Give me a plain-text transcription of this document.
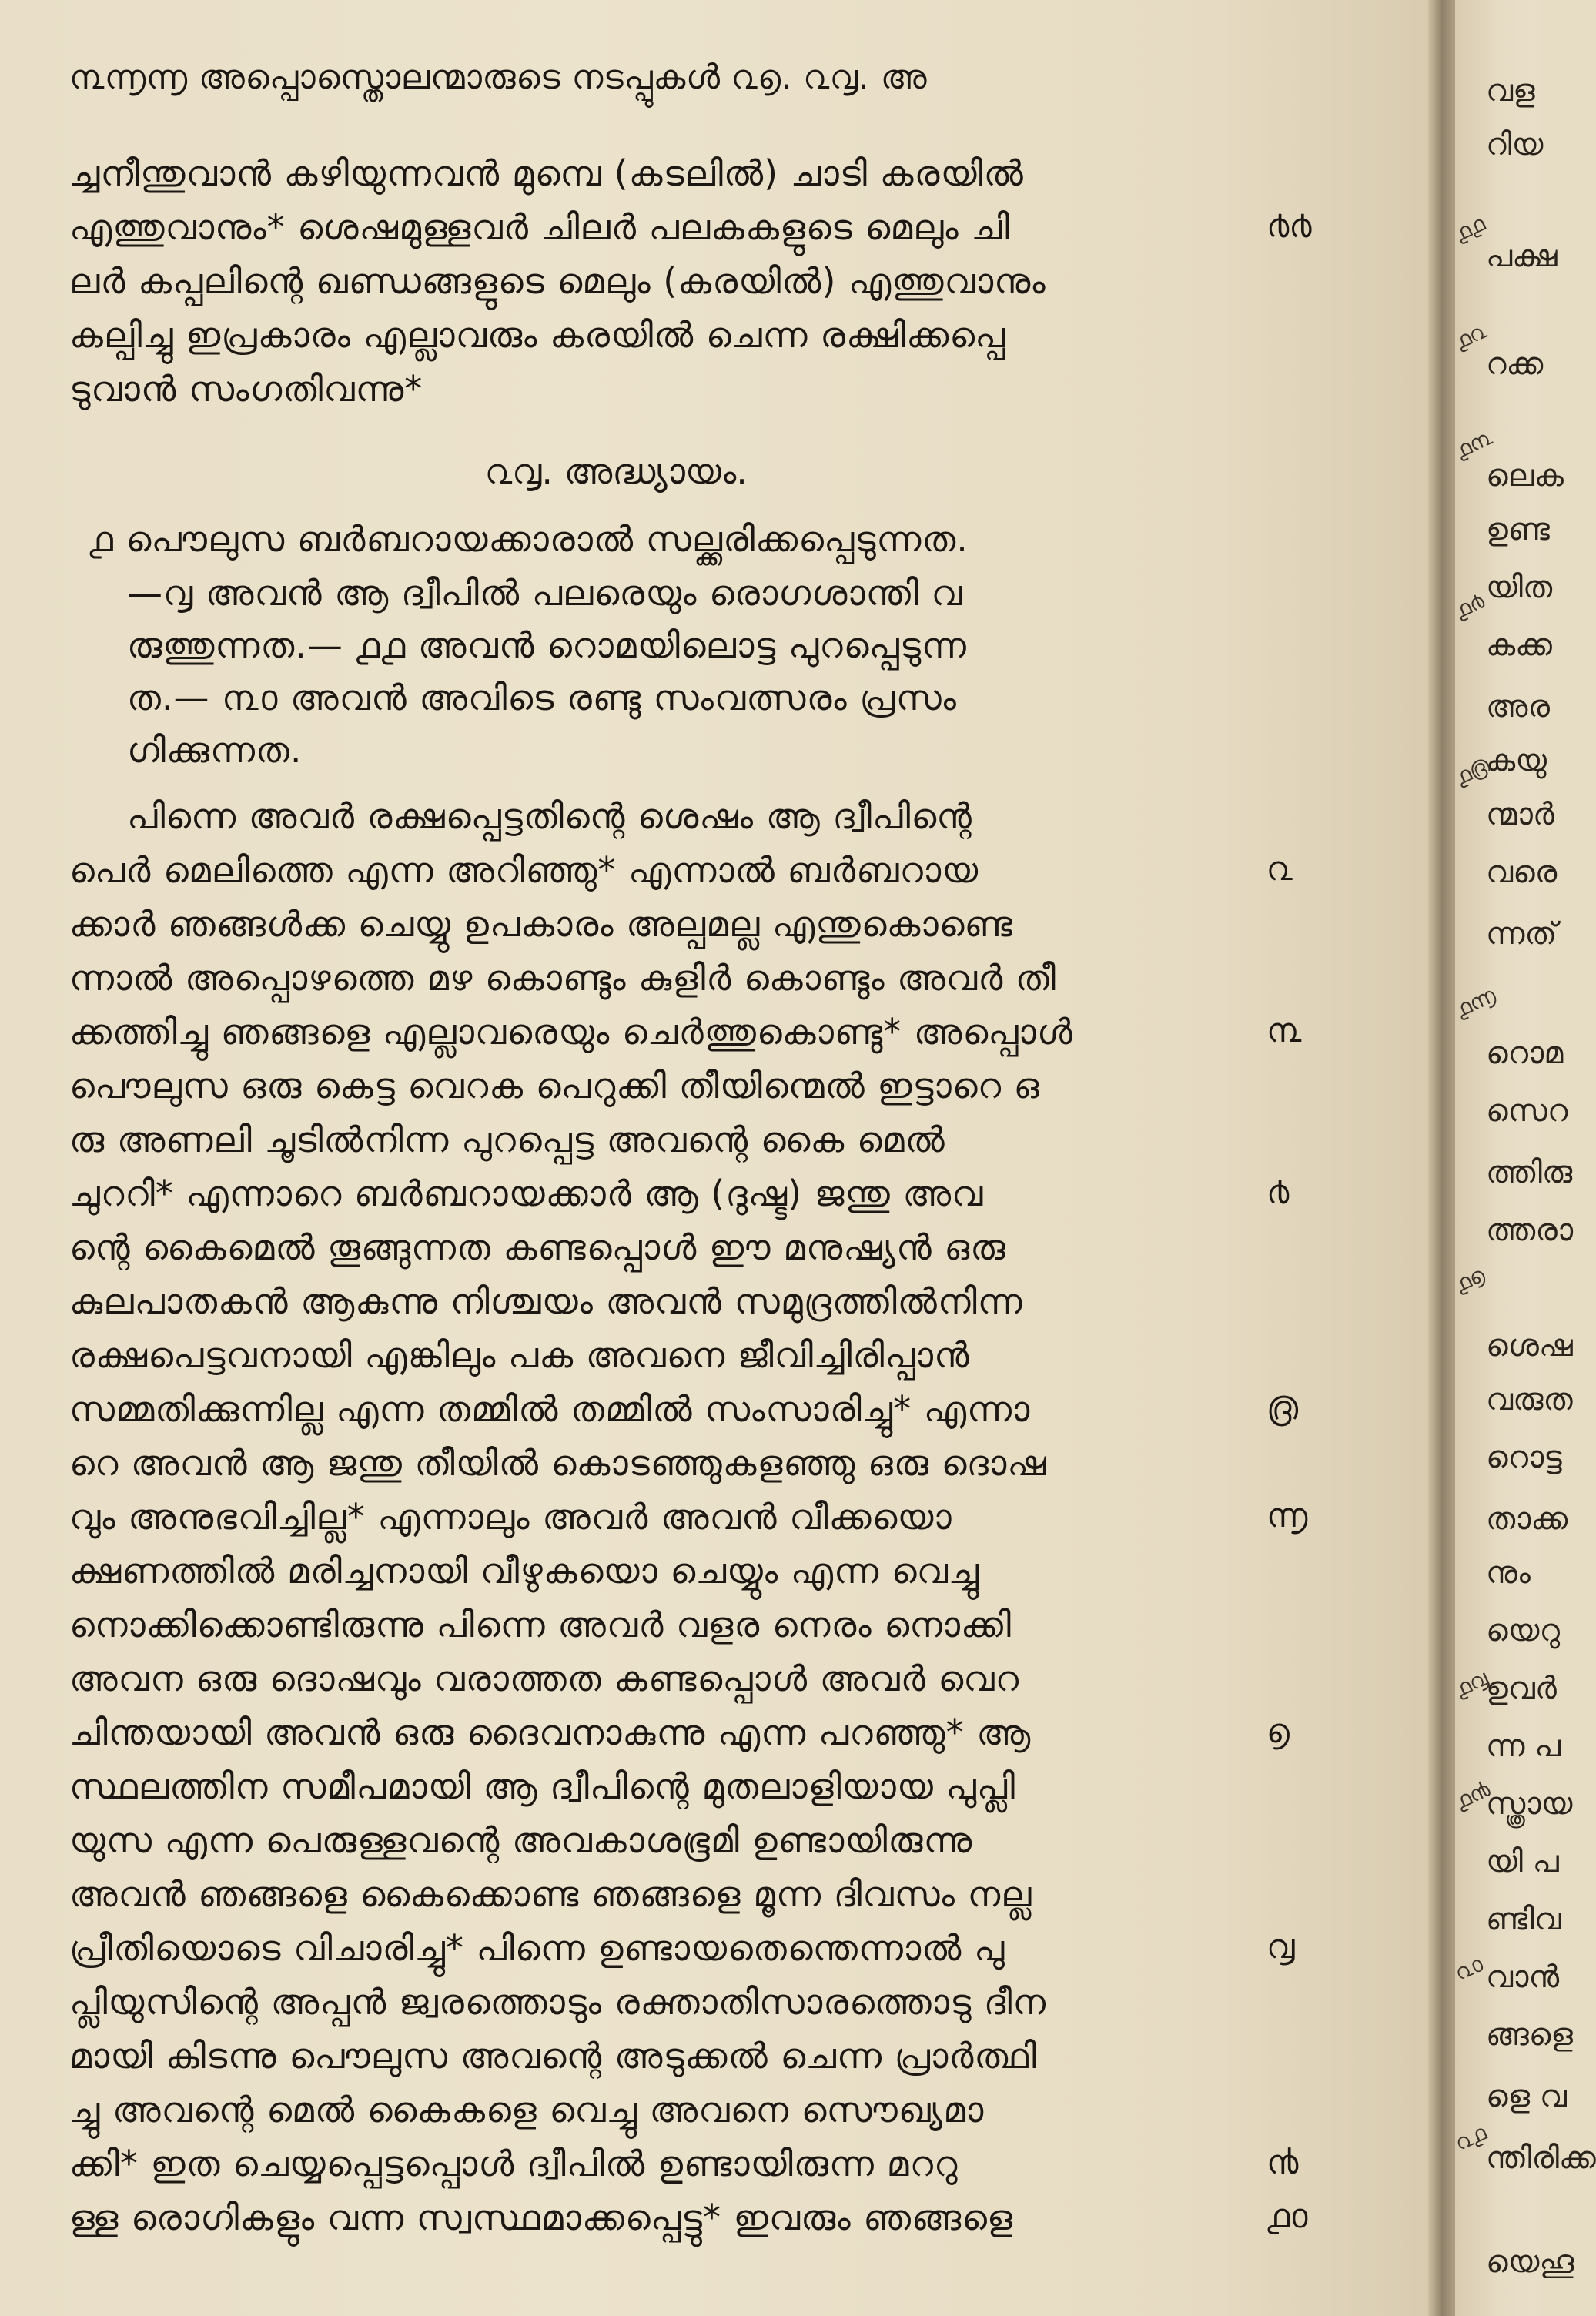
൩൬൬ അപ്പൊസ്തൊലന്മാരുടെ നടപ്പുകൾ ൨൭. ൨൮. അ
ച്ചനീന്തുവാൻ കഴിയുന്നവൻ മുമ്പെ (കടലിൽ) ചാടി കരയിൽ
എത്തുവാനും* ശെഷമുള്ളവർ ചിലർ പലകകളുടെ മെലും ചി
ലർ കപ്പലിന്റെ ഖണ്ഡങ്ങളുടെ മെലും (കരയിൽ) എത്തുവാനും
കല്പിച്ചു ഇപ്രകാരം എല്ലാവരും കരയിൽ ചെന്ന രക്ഷിക്കപ്പെ
ടുവാൻ സംഗതിവന്നു*
൨൮. അദ്ധ്യായം.
൧ പൌലുസ ബർബറായക്കാരാൽ സല്ക്കരിക്കപ്പെടുന്നത.
—൮ അവൻ ആ ദ്വീപിൽ പലരെയും രൊഗശാന്തി വ
രുത്തുന്നത.— ൧൧ അവൻ റൊമയിലൊട്ട പുറപ്പെടുന്ന
ത.— ൩൦ അവൻ അവിടെ രണ്ടു സംവത്സരം പ്രസം
ഗിക്കുന്നത.
പിന്നെ അവർ രക്ഷപ്പെട്ടതിന്റെ ശെഷം ആ ദ്വീപിന്റെ
പെർ മെലിത്തെ എന്ന അറിഞ്ഞു* എന്നാൽ ബർബറായ
ക്കാർ ഞങ്ങൾക്ക ചെയ്യു ഉപകാരം അല്പമല്ല എന്തുകൊണ്ടെ
ന്നാൽ അപ്പൊഴത്തെ മഴ കൊണ്ടും കുളിർ കൊണ്ടും അവർ തീ
ക്കത്തിച്ചു ഞങ്ങളെ എല്ലാവരെയും ചെർത്തുകൊണ്ടു* അപ്പൊൾ
പൌലുസ ഒരു കെട്ട വെറക പെറുക്കി തീയിന്മെൽ ഇട്ടാറെ ഒ
രു അണലി ചൂടിൽനിന്ന പുറപ്പെട്ട അവന്റെ കൈ മെൽ
ചുററി* എന്നാറെ ബർബറായക്കാർ ആ (ദുഷ്ട) ജന്തു അവ
ന്റെ കൈമെൽ തൂങ്ങുന്നത കണ്ടപ്പൊൾ ഈ മനുഷ്യൻ ഒരു
കുലപാതകൻ ആകുന്നു നിശ്ചയം അവൻ സമുദ്രത്തിൽനിന്ന
രക്ഷപെട്ടവനായി എങ്കിലും പക അവനെ ജീവിച്ചിരിപ്പാൻ
സമ്മതിക്കുന്നില്ല എന്ന തമ്മിൽ തമ്മിൽ സംസാരിച്ചു* എന്നാ
റെ അവൻ ആ ജന്തു തീയിൽ കൊടഞ്ഞുകളഞ്ഞു ഒരു ദൊഷ
വും അനുഭവിച്ചില്ല* എന്നാലും അവർ അവൻ വീക്കയൊ
ക്ഷണത്തിൽ മരിച്ചനായി വീഴുകയൊ ചെയ്യും എന്ന വെച്ചു
നൊക്കിക്കൊണ്ടിരുന്നു പിന്നെ അവർ വളര നെരം നൊക്കി
അവന ഒരു ദൊഷവും വരാത്തത കണ്ടപ്പൊൾ അവർ വെറ
ചിന്തയായി അവൻ ഒരു ദൈവനാകുന്നു എന്ന പറഞ്ഞു* ആ
സ്ഥലത്തിന സമീപമായി ആ ദ്വീപിന്റെ മുതലാളിയായ പുപ്ലി
യുസ എന്ന പെരുള്ളവന്റെ അവകാശഭൂമി ഉണ്ടായിരുന്നു
അവൻ ഞങ്ങളെ കൈക്കൊണ്ട ഞങ്ങളെ മൂന്ന ദിവസം നല്ല
പ്രീതിയൊടെ വിചാരിച്ചു* പിന്നെ ഉണ്ടായതെന്തെന്നാൽ പു
പ്ലിയുസിന്റെ അപ്പൻ ജ്വരത്തൊടും രക്താതിസാരത്തൊടു ദീന
മായി കിടന്നു പൌലുസ അവന്റെ അടുക്കൽ ചെന്ന പ്രാർത്ഥി
ച്ചു അവന്റെ മെൽ കൈകളെ വെച്ചു അവനെ സൌഖ്യമാ
ക്കി* ഇത ചെയ്യപ്പെട്ടപ്പൊൾ ദ്വീപിൽ ഉണ്ടായിരുന്ന മററു
ള്ള രൊഗികളും വന്ന സ്വസ്ഥമാക്കപ്പെട്ടു* ഇവരും ഞങ്ങളെ
൪൪
൨
൩
൪
൫
൬
൭
൮
൯
൧൦
വള
റിയ
പക്ഷ
റക്ക
ലെക
ഉണ്ട
യിത
കക്ക
അര
കയു
ന്മാർ
വരെ
ന്നത്
റൊമ
സെറ
ത്തിരു
ത്തരാ
ശെഷ
വരുത
റൊട്ട
താക്ക
നും
യെറു
ഉവർ
ന്ന പ
സ്ത്രായ
യി പ
ണ്ടിവ
വാൻ
ങ്ങളെ
ളെ വ
ന്തിരിക്ക
യെഹൂ
൧൧
൧൨
൧൩
൧൪
൧൫
൧൬
൧൭
൧൮
൧൯
൨൦
൨൧
